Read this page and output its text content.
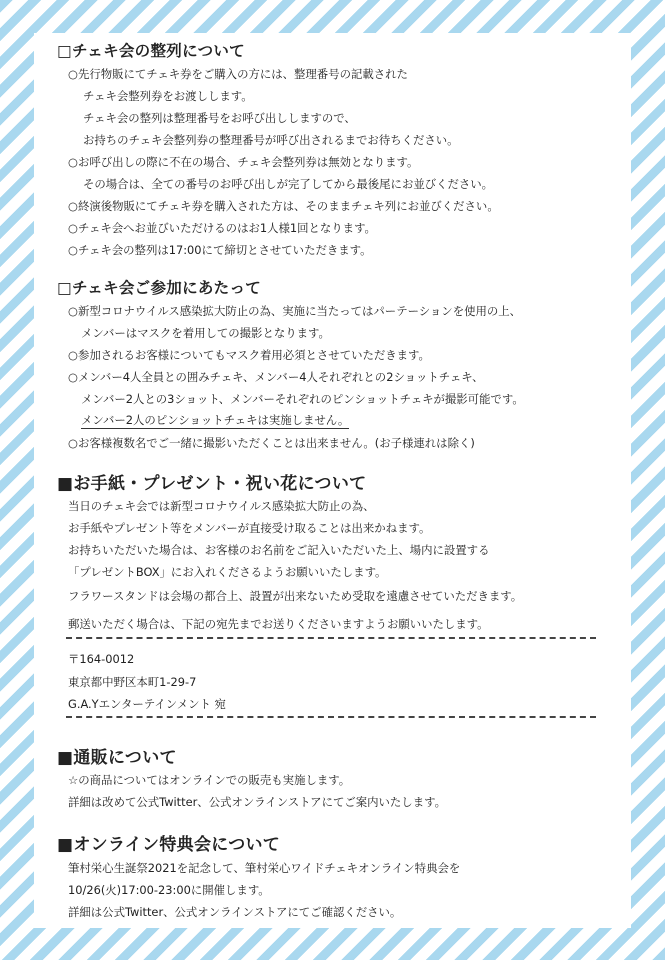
□チェキ会の整列について
○先行物販にてチェキ券をご購入の方には、整理番号の記載された
チェキ会整列券をお渡しします。
チェキ会の整列は整理番号をお呼び出ししますので、
お持ちのチェキ会整列券の整理番号が呼び出されるまでお待ちください。
○お呼び出しの際に不在の場合、チェキ会整列券は無効となります。
その場合は、全ての番号のお呼び出しが完了してから最後尾にお並びください。
○終演後物販にてチェキ券を購入された方は、そのままチェキ列にお並びください。
○チェキ会へお並びいただけるのはお1人様1回となります。
○チェキ会の整列は17:00にて締切とさせていただきます。
□チェキ会ご参加にあたって
○新型コロナウイルス感染拡大防止の為、実施に当たってはパーテーションを使用の上、
メンバーはマスクを着用しての撮影となります。
○参加されるお客様についてもマスク着用必須とさせていただきます。
○メンバー4人全員との囲みチェキ、メンバー4人それぞれとの2ショットチェキ、
メンバー2人との3ショット、メンバーそれぞれのピンショットチェキが撮影可能です。
メンバー2人のピンショットチェキは実施しません。
○お客様複数名でご一緒に撮影いただくことは出来ません。(お子様連れは除く)
■お手紙・プレゼント・祝い花について
当日のチェキ会では新型コロナウイルス感染拡大防止の為、
お手紙やプレゼント等をメンバーが直接受け取ることは出来かねます。
お持ちいただいた場合は、お客様のお名前をご記入いただいた上、場内に設置する
「プレゼントBOX」にお入れくださるようお願いいたします。
フラワースタンドは会場の都合上、設置が出来ないため受取を遠慮させていただきます。
郵送いただく場合は、下記の宛先までお送りくださいますようお願いいたします。
〒164-0012
東京都中野区本町1-29-7
G.A.Yエンターテインメント 宛
■通販について
☆の商品についてはオンラインでの販売も実施します。
詳細は改めて公式Twitter、公式オンラインストアにてご案内いたします。
■オンライン特典会について
筆村栄心生誕祭2021を記念して、筆村栄心ワイドチェキオンライン特典会を
10/26(火)17:00-23:00に開催します。
詳細は公式Twitter、公式オンラインストアにてご確認ください。
